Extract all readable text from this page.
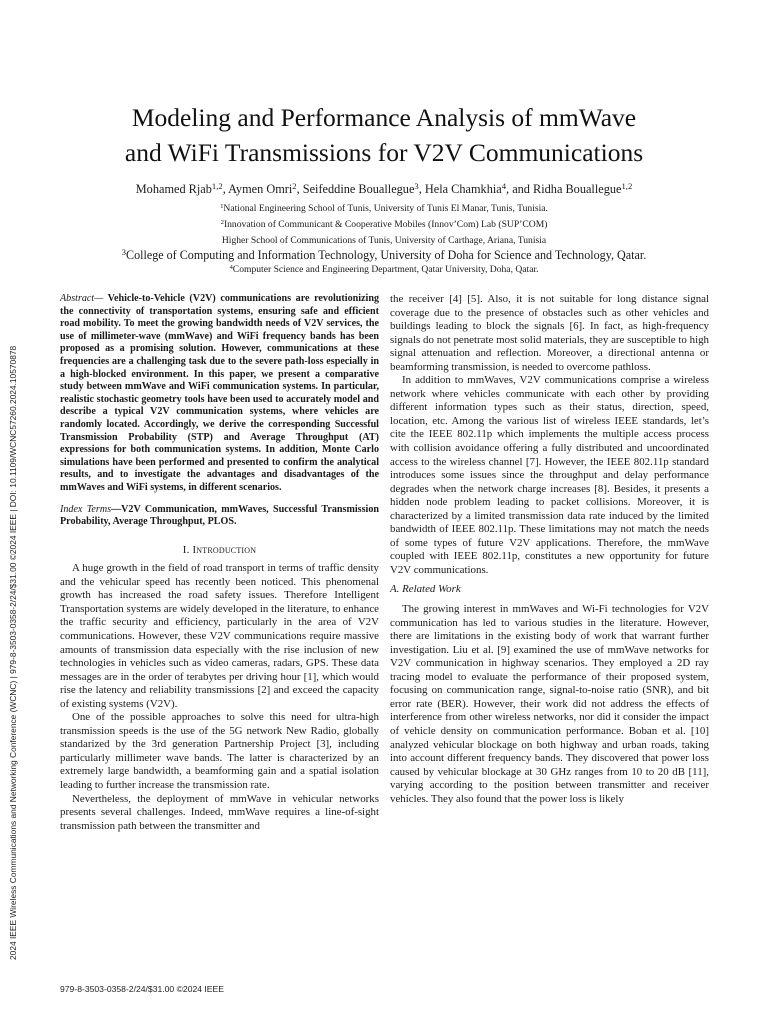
2024 IEEE Wireless Communications and Networking Conference (WCNC) | 979-8-3503-0358-2/24/$31.00 ©2024 IEEE | DOI: 10.1109/WCNC57260.2024.10570878
Modeling and Performance Analysis of mmWave
and WiFi Transmissions for V2V Communications
Mohamed Rjab$^{1,2}$, Aymen Omri$^2$, Seifeddine Bouallegue$^3$, Hela Chamkhia$^4$, and Ridha Bouallegue$^{1,2}$
$^1$National Engineering School of Tunis, University of Tunis El Manar, Tunis, Tunisia.
$^2$Innovation of Communicant & Cooperative Mobiles (Innov’Com) Lab (SUP’COM)
Higher School of Communications of Tunis, University of Carthage, Ariana, Tunisia
$^3$College of Computing and Information Technology, University of Doha for Science and Technology, Qatar.
$^4$Computer Science and Engineering Department, Qatar University, Doha, Qatar.

Abstract— Vehicle-to-Vehicle (V2V) communications are revolutionizing the connectivity of transportation systems, ensuring safe and efficient road mobility. To meet the growing bandwidth needs of V2V services, the use of millimeter-wave (mmWave) and WiFi frequency bands has been proposed as a promising solution. However, communications at these frequencies are a challenging task due to the severe path-loss especially in a high-blocked environment. In this paper, we present a comparative study between mmWave and WiFi communication systems. In particular, realistic stochastic geometry tools have been used to accurately model and describe a typical V2V communication systems, where vehicles are randomly located. Accordingly, we derive the corresponding Successful Transmission Probability (STP) and Average Throughput (AT) expressions for both communication systems. In addition, Monte Carlo simulations have been performed and presented to confirm the analytical results, and to investigate the advantages and disadvantages of the mmWaves and WiFi systems, in different scenarios.

Index Terms—V2V Communication, mmWaves, Successful Transmission Probability, Average Throughput, PLOS.

I. Introduction

A huge growth in the field of road transport in terms of traffic density and the vehicular speed has recently been noticed. This phenomenal growth has increased the road safety issues. Therefore Intelligent Transportation systems are widely developed in the literature, to enhance the traffic security and efficiency, particularly in the area of V2V communications. However, these V2V communications require massive amounts of transmission data especially with the rise inclusion of new technologies in vehicles such as video cameras, radars, GPS. These data messages are in the order of terabytes per driving hour [1], which would rise the latency and reliability transmissions [2] and exceed the capacity of existing systems (V2V).

One of the possible approaches to solve this need for ultra-high transmission speeds is the use of the 5G network New Radio, globally standarized by the 3rd generation Partnership Project [3], including particularly millimeter wave bands. The latter is characterized by an extremely large bandwidth, a beamforming gain and a spatial isolation leading to further increase the transmission rate.

Nevertheless, the deployment of mmWave in vehicular networks presents several challenges. Indeed, mmWave requires a line-of-sight transmission path between the transmitter and

the receiver [4] [5]. Also, it is not suitable for long distance signal coverage due to the presence of obstacles such as other vehicles and buildings leading to block the signals [6]. In fact, as high-frequency signals do not penetrate most solid materials, they are susceptible to high signal attenuation and reflection. Moreover, a directional antenna or beamforming transmission, is needed to overcome pathloss.

In addition to mmWaves, V2V communications comprise a wireless network where vehicles communicate with each other by providing different information types such as their status, direction, speed, location, etc. Among the various list of wireless IEEE standards, let’s cite the IEEE 802.11p which implements the multiple access process with collision avoidance offering a fully distributed and uncoordinated access to the wireless channel [7]. However, the IEEE 802.11p standard introduces some issues since the throughput and delay performance degrades when the network charge increases [8]. Besides, it presents a hidden node problem leading to packet collisions. Moreover, it is characterized by a limited transmission data rate induced by the limited bandwidth of IEEE 802.11p. These limitations may not match the needs of some types of future V2V applications. Therefore, the mmWave coupled with IEEE 802.11p, constitutes a new opportunity for future V2V communications.

A. Related Work

The growing interest in mmWaves and Wi-Fi technologies for V2V communication has led to various studies in the literature. However, there are limitations in the existing body of work that warrant further investigation. Liu et al. [9] examined the use of mmWave networks for V2V communication in highway scenarios. They employed a 2D ray tracing model to evaluate the performance of their proposed system, focusing on communication range, signal-to-noise ratio (SNR), and bit error rate (BER). However, their work did not address the effects of interference from other wireless networks, nor did it consider the impact of vehicle density on communication performance. Boban et al. [10] analyzed vehicular blockage on both highway and urban roads, taking into account different frequency bands. They discovered that power loss caused by vehicular blockage at 30 GHz ranges from 10 to 20 dB [11], varying according to the position between transmitter and receiver vehicles. They also found that the power loss is likely

979-8-3503-0358-2/24/$31.00 ©2024 IEEE
